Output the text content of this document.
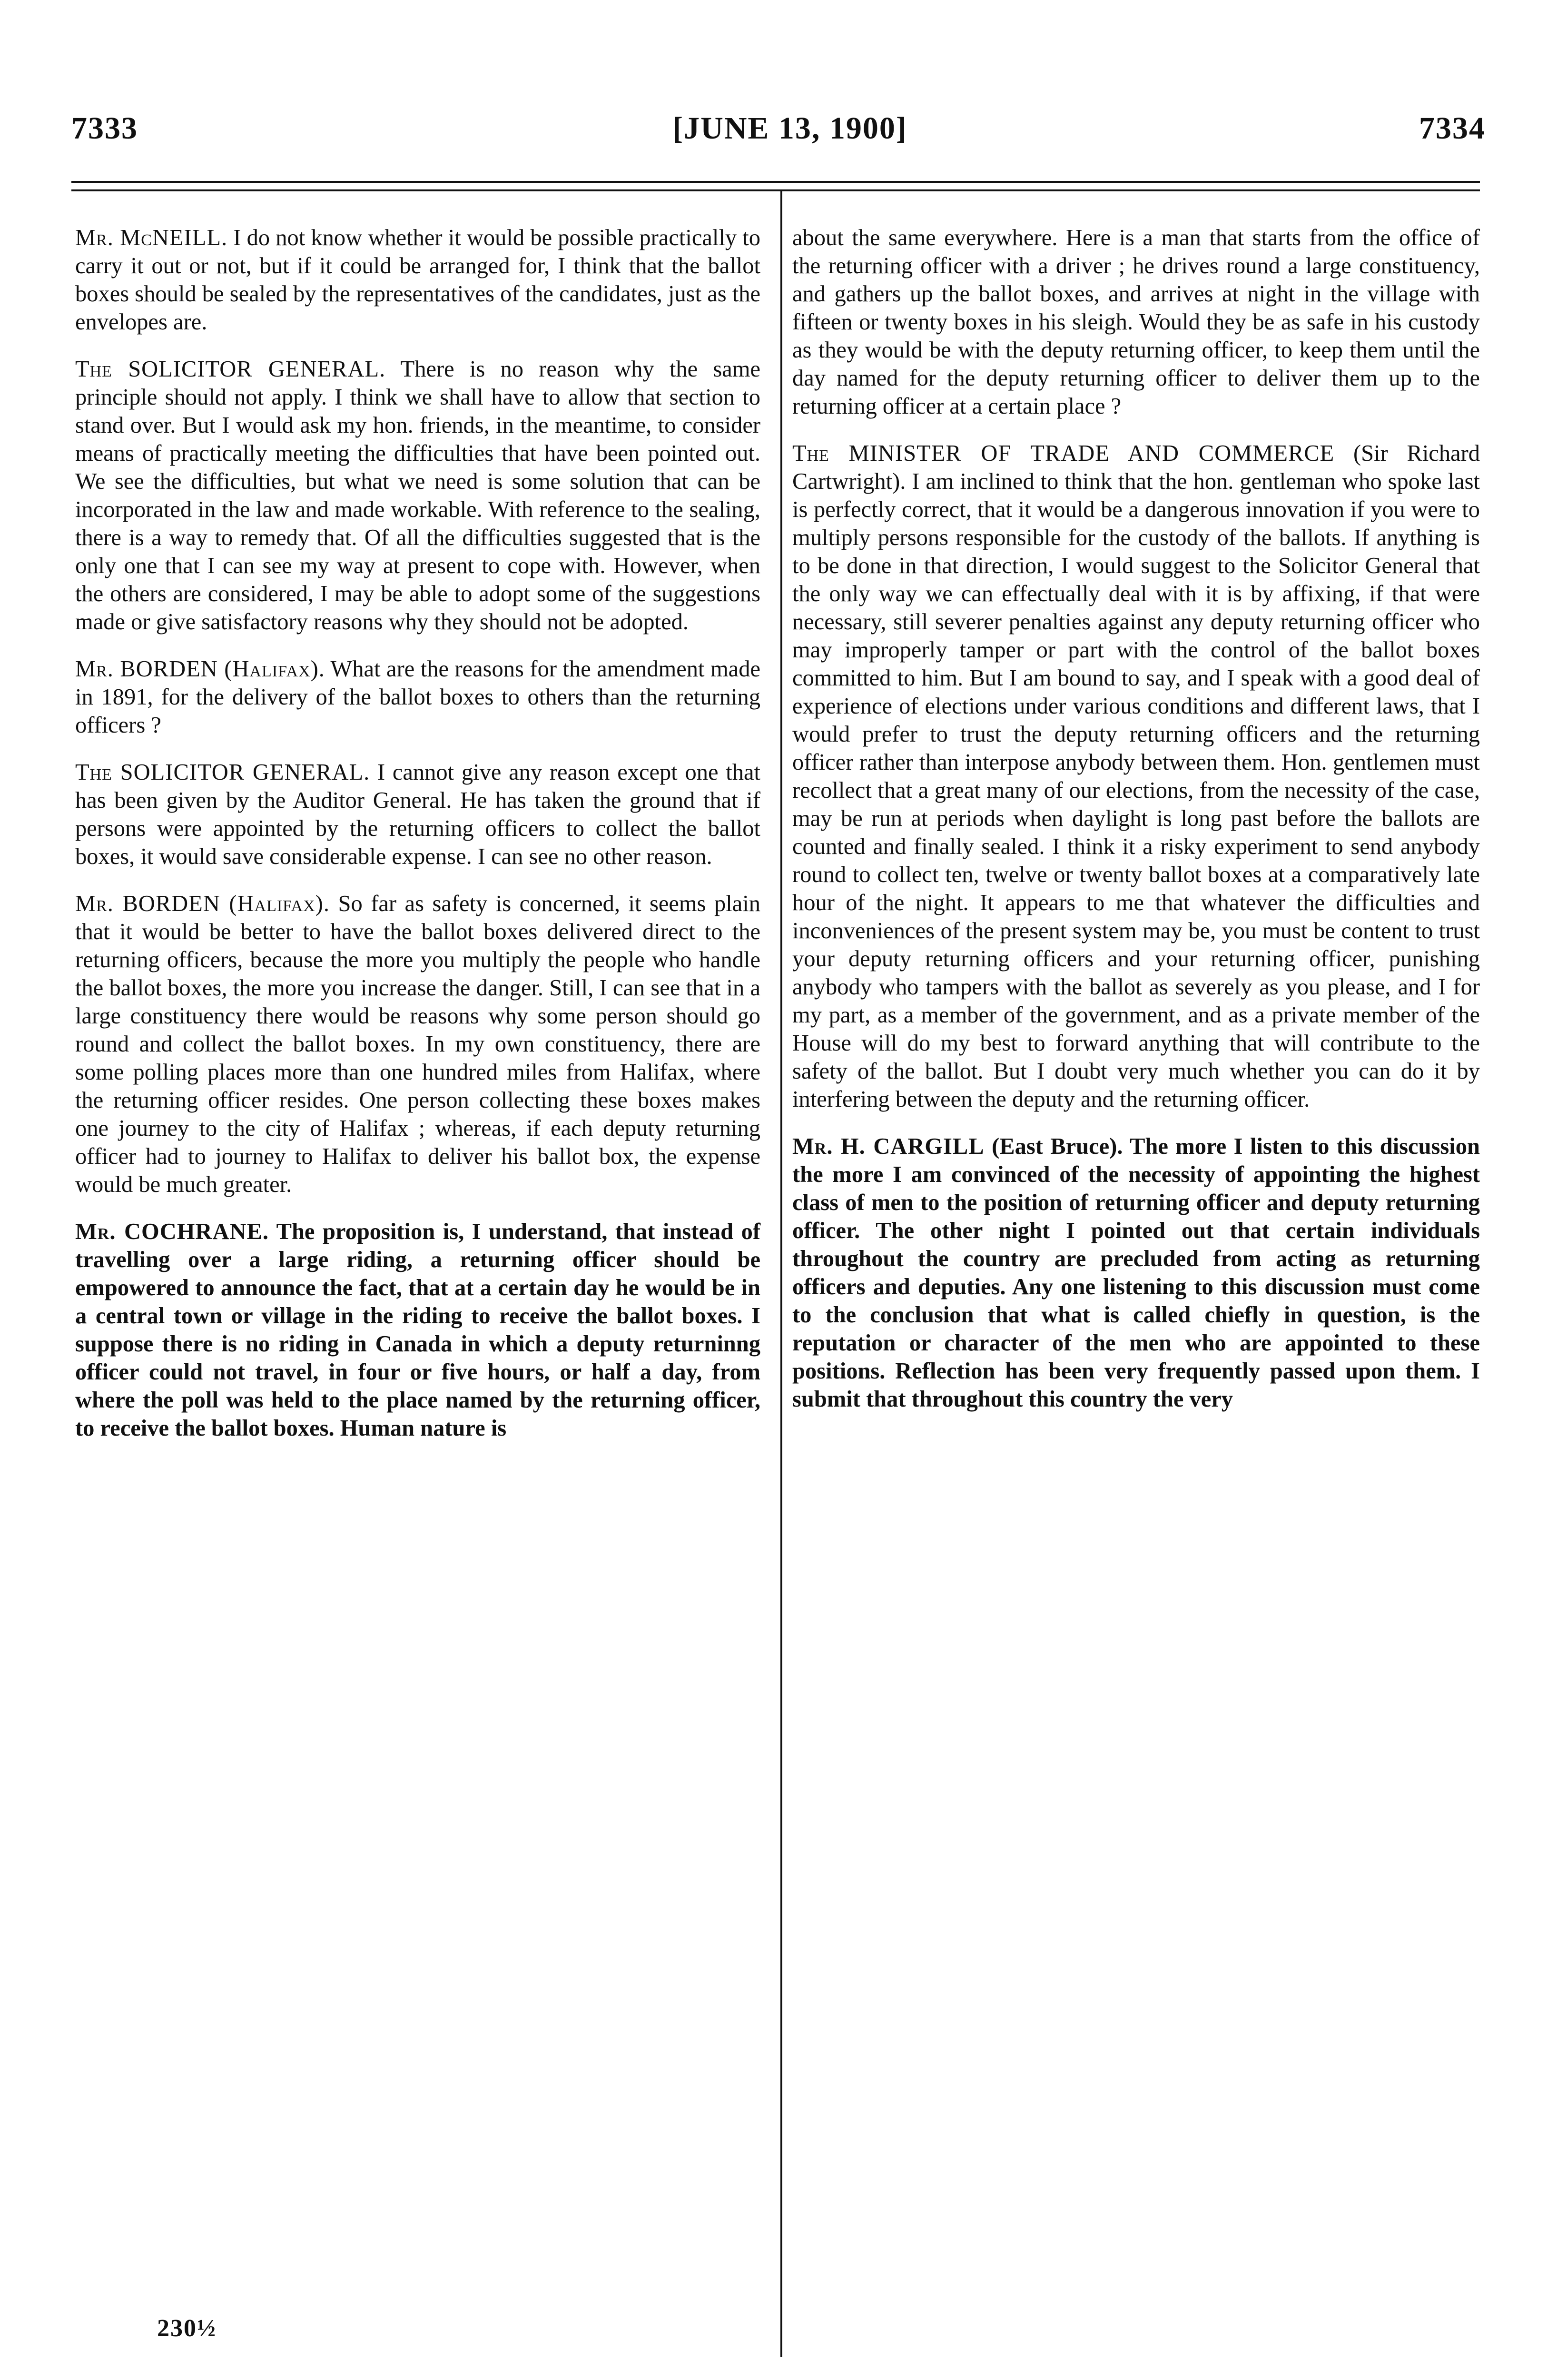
7333	[JUNE 13, 1900]	7334

Mr. McNEILL. I do not know whether it would be possible practically to carry it out or not, but if it could be arranged for, I think that the ballot boxes should be sealed by the representatives of the candidates, just as the envelopes are.

The SOLICITOR GENERAL. There is no reason why the same principle should not apply. I think we shall have to allow that section to stand over. But I would ask my hon. friends, in the meantime, to consider means of practically meeting the difficulties that have been pointed out. We see the difficulties, but what we need is some solution that can be incorporated in the law and made workable. With reference to the sealing, there is a way to remedy that. Of all the difficulties suggested that is the only one that I can see my way at present to cope with. However, when the others are considered, I may be able to adopt some of the suggestions made or give satisfactory reasons why they should not be adopted.

Mr. BORDEN (Halifax). What are the reasons for the amendment made in 1891, for the delivery of the ballot boxes to others than the returning officers ?

The SOLICITOR GENERAL. I cannot give any reason except one that has been given by the Auditor General. He has taken the ground that if persons were appointed by the returning officers to collect the ballot boxes, it would save considerable expense. I can see no other reason.

Mr. BORDEN (Halifax). So far as safety is concerned, it seems plain that it would be better to have the ballot boxes delivered direct to the returning officers, because the more you multiply the people who handle the ballot boxes, the more you increase the danger. Still, I can see that in a large constituency there would be reasons why some person should go round and collect the ballot boxes. In my own constituency, there are some polling places more than one hundred miles from Halifax, where the returning officer resides. One person collecting these boxes makes one journey to the city of Halifax ; whereas, if each deputy returning officer had to journey to Halifax to deliver his ballot box, the expense would be much greater.

Mr. COCHRANE. The proposition is, I understand, that instead of travelling over a large riding, a returning officer should be empowered to announce the fact, that at a certain day he would be in a central town or village in the riding to receive the ballot boxes. I suppose there is no riding in Canada in which a deputy returninng officer could not travel, in four or five hours, or half a day, from where the poll was held to the place named by the returning officer, to receive the ballot boxes. Human nature is

about the same everywhere. Here is a man that starts from the office of the returning officer with a driver ; he drives round a large constituency, and gathers up the ballot boxes, and arrives at night in the village with fifteen or twenty boxes in his sleigh. Would they be as safe in his custody as they would be with the deputy returning officer, to keep them until the day named for the deputy returning officer to deliver them up to the returning officer at a certain place ?

The MINISTER OF TRADE AND COMMERCE (Sir Richard Cartwright). I am inclined to think that the hon. gentleman who spoke last is perfectly correct, that it would be a dangerous innovation if you were to multiply persons responsible for the custody of the ballots. If anything is to be done in that direction, I would suggest to the Solicitor General that the only way we can effectually deal with it is by affixing, if that were necessary, still severer penalties against any deputy returning officer who may improperly tamper or part with the control of the ballot boxes committed to him. But I am bound to say, and I speak with a good deal of experience of elections under various conditions and different laws, that I would prefer to trust the deputy returning officers and the returning officer rather than interpose anybody between them. Hon. gentlemen must recollect that a great many of our elections, from the necessity of the case, may be run at periods when daylight is long past before the ballots are counted and finally sealed. I think it a risky experiment to send anybody round to collect ten, twelve or twenty ballot boxes at a comparatively late hour of the night. It appears to me that whatever the difficulties and inconveniences of the present system may be, you must be content to trust your deputy returning officers and your returning officer, punishing anybody who tampers with the ballot as severely as you please, and I for my part, as a member of the government, and as a private member of the House will do my best to forward anything that will contribute to the safety of the ballot. But I doubt very much whether you can do it by interfering between the deputy and the returning officer.

Mr. H. CARGILL (East Bruce). The more I listen to this discussion the more I am convinced of the necessity of appointing the highest class of men to the position of returning officer and deputy returning officer. The other night I pointed out that certain individuals throughout the country are precluded from acting as returning officers and deputies. Any one listening to this discussion must come to the conclusion that what is called chiefly in question, is the reputation or character of the men who are appointed to these positions. Reflection has been very frequently passed upon them. I submit that throughout this country the very

230½
